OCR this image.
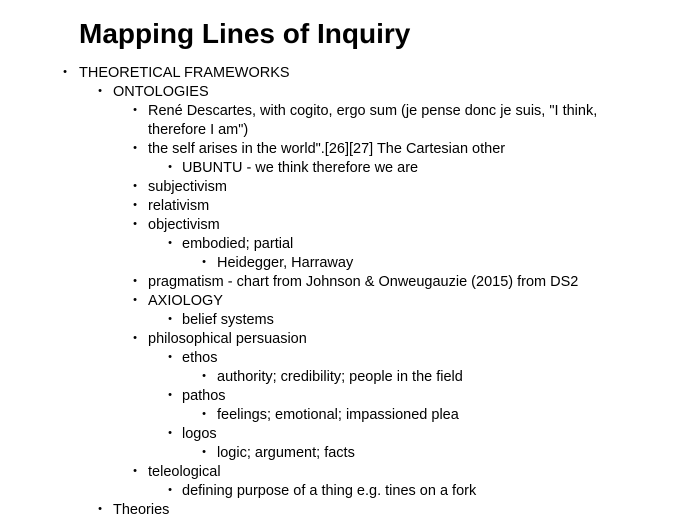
Mapping Lines of Inquiry
• THEORETICAL FRAMEWORKS
• ONTOLOGIES
• René Descartes, with cogito, ergo sum (je pense donc je suis, "I think, therefore I am")
• the self arises in the world".[26][27] The Cartesian other
• UBUNTU - we think therefore we are
• subjectivism
• relativism
• objectivism
• embodied; partial
• Heidegger, Harraway
• pragmatism - chart from Johnson & Onweugauzie (2015) from DS2
• AXIOLOGY
• belief systems
• philosophical persuasion
• ethos
• authority; credibility; people in the field
• pathos
• feelings; emotional; impassioned plea
• logos
• logic; argument; facts
• teleological
• defining purpose of a thing e.g. tines on a fork
• Theories
